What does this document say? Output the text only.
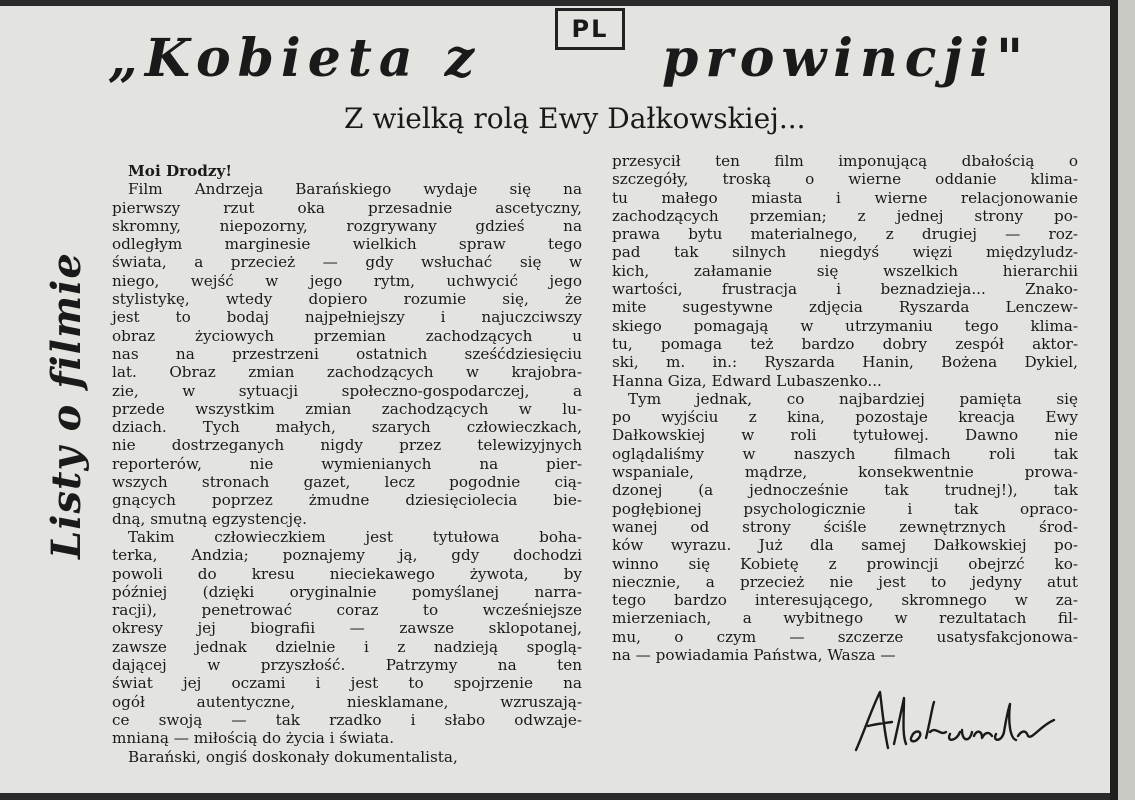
PL
„Kobieta z	prowincji"
Z wielką rolą Ewy Dałkowskiej...
Listy o filmie
Moi Drodzy!
Film Andrzeja Barańskiego wydaje się na
pierwszy rzut oka przesadnie ascetyczny,
skromny, niepozorny, rozgrywany gdzieś na
odległym marginesie wielkich spraw tego
świata, a przecież — gdy wsłuchać się w
niego, wejść w jego rytm, uchwycić jego
stylistykę, wtedy dopiero rozumie się, że
jest to bodaj najpełniejszy i najuczciwszy
obraz życiowych przemian zachodzących u
nas na przestrzeni ostatnich sześćdziesięciu
lat. Obraz zmian zachodzących w krajobra-
zie, w sytuacji społeczno-gospodarczej, a
przede wszystkim zmian zachodzących w lu-
dziach. Tych małych, szarych człowieczkach,
nie dostrzeganych nigdy przez telewizyjnych
reporterów, nie wymienianych na pier-
wszych stronach gazet, lecz pogodnie cią-
gnących poprzez żmudne dziesięciolecia bie-
dną, smutną egzystencję.
Takim człowieczkiem jest tytułowa boha-
terka, Andzia; poznajemy ją, gdy dochodzi
powoli do kresu nieciekawego żywota, by
później (dzięki oryginalnie pomyślanej narra-
racji), penetrować coraz to wcześniejsze
okresy jej biografii — zawsze sklopotanej,
zawsze jednak dzielnie i z nadzieją spoglą-
dającej w przyszłość. Patrzymy na ten
świat jej oczami i jest to spojrzenie na
ogół autentyczne, niesklamane, wzruszają-
ce swoją — tak rzadko i słabo odwzaje-
mnianą — miłością do życia i świata.
Barański, ongiś doskonały dokumentalista,
przesycił ten film imponującą dbałością o
szczegóły, troską o wierne oddanie klima-
tu małego miasta i wierne relacjonowanie
zachodzących przemian; z jednej strony po-
prawa bytu materialnego, z drugiej — roz-
pad tak silnych niegdyś więzi międzyludz-
kich, załamanie się wszelkich hierarchii
wartości, frustracja i beznadzieja... Znako-
mite sugestywne zdjęcia Ryszarda Lenczew-
skiego pomagają w utrzymaniu tego klima-
tu, pomaga też bardzo dobry zespół aktor-
ski, m. in.: Ryszarda Hanin, Bożena Dykiel,
Hanna Giza, Edward Lubaszenko...
Tym jednak, co najbardziej pamięta się
po wyjściu z kina, pozostaje kreacja Ewy
Dałkowskiej w roli tytułowej. Dawno nie
oglądaliśmy w naszych filmach roli tak
wspaniale, mądrze, konsekwentnie prowa-
dzonej (a jednocześnie tak trudnej!), tak
pogłębionej psychologicznie i tak opraco-
wanej od strony ściśle zewnętrznych środ-
ków wyrazu. Już dla samej Dałkowskiej po-
winno się Kobietę z prowincji obejrzć ko-
niecznie, a przecież nie jest to jedyny atut
tego bardzo interesującego, skromnego w za-
mierzeniach, a wybitnego w rezultatach fil-
mu, o czym — szczerze usatysfakcjonowa-
na — powiadamia Państwa, Wasza —
